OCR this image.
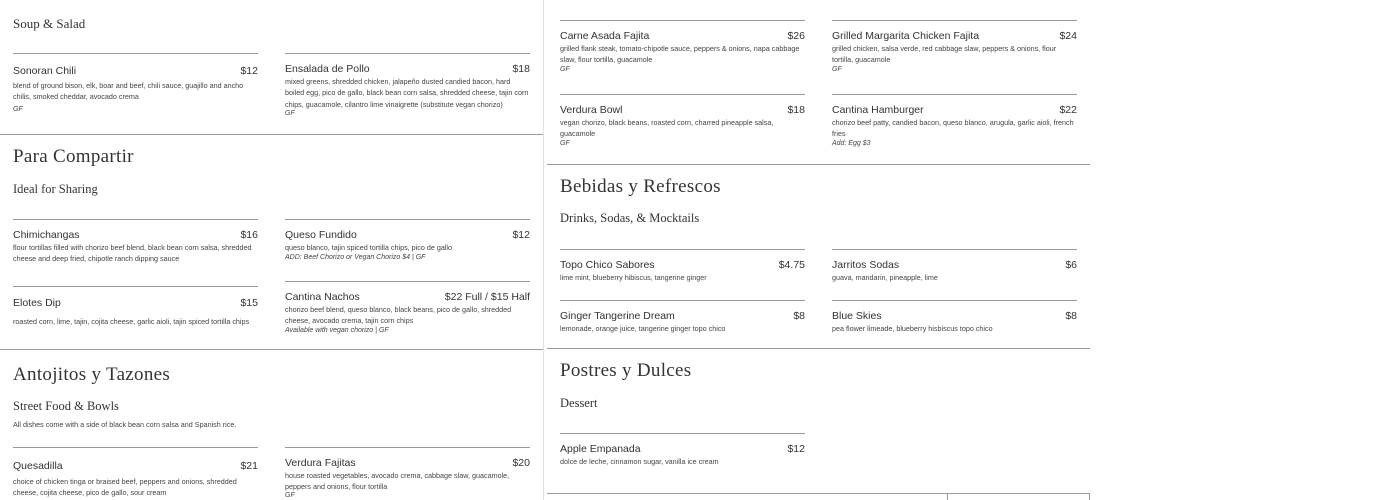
Soup & Salad
Sonoran Chili	$12
blend of ground bison, elk, boar and beef, chili sauce, guajillo and ancho chilis, smoked cheddar, avocado crema
GF
Ensalada de Pollo	$18
mixed greens, shredded chicken, jalapeño dusted candied bacon, hard boiled egg, pico de gallo, black bean corn salsa, shredded cheese, tajin corn chips, guacamole, cilantro lime vinaigrette (substitute vegan chorizo)
GF
Para Compartir
Ideal for Sharing
Chimichangas	$16
flour tortillas filled with chorizo beef blend, black bean corn salsa, shredded cheese and deep fried, chipotle ranch dipping sauce
Queso Fundido	$12
queso blanco, tajin spiced tortilla chips, pico de gallo
ADD: Beef Chorizo or Vegan Chorizo $4 | GF
Elotes Dip	$15
roasted corn, lime, tajin, cojita cheese, garlic aioli, tajin spiced tortilla chips
Cantina Nachos	$22 Full / $15 Half
chorizo beef blend, queso blanco, black beans, pico de gallo, shredded cheese, avocado crema, tajin corn chips
Available with vegan chorizo | GF
Antojitos y Tazones
Street Food & Bowls
All dishes come with a side of black bean corn salsa and Spanish rice.
Quesadilla	$21
choice of chicken tinga or braised beef, peppers and onions, shredded cheese, cojita cheese, pico de gallo, sour cream
Verdura Fajitas	$20
house roasted vegetables, avocado crema, cabbage slaw, guacamole, peppers and onions, flour tortilla
GF
Carne Asada Fajita	$26
grilled flank steak, tomato-chipotle sauce, peppers & onions, napa cabbage slaw, flour tortilla, guacamole
GF
Grilled Margarita Chicken Fajita	$24
grilled chicken, salsa verde, red cabbage slaw, peppers & onions, flour tortilla, guacamole
GF
Verdura Bowl	$18
vegan chorizo, black beans, roasted corn, charred pineapple salsa, guacamole
GF
Cantina Hamburger	$22
chorizo beef patty, candied bacon, queso blanco, arugula, garlic aioli, french fries
Add: Egg $3
Bebidas y Refrescos
Drinks, Sodas, & Mocktails
Topo Chico Sabores	$4.75
lime mint, blueberry hibiscus, tangerine ginger
Jarritos Sodas	$6
guava, mandarin, pineapple, lime
Ginger Tangerine Dream	$8
lemonade, orange juice, tangerine ginger topo chico
Blue Skies	$8
pea flower limeade, blueberry hisbiscus topo chico
Postres y Dulces
Dessert
Apple Empanada	$12
dolce de leche, cinnamon sugar, vanilla ice cream
